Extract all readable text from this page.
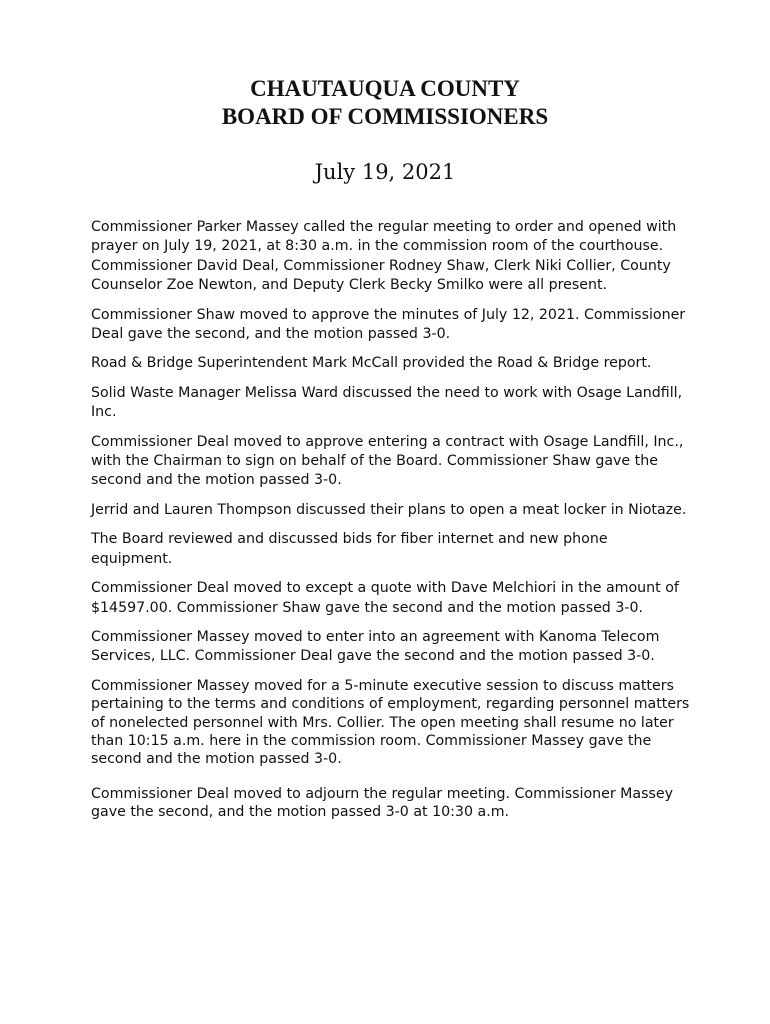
CHAUTAUQUA COUNTY
BOARD OF COMMISSIONERS
July 19, 2021

Commissioner Parker Massey called the regular meeting to order and opened with prayer on July 19, 2021, at 8:30 a.m. in the commission room of the courthouse. Commissioner David Deal, Commissioner Rodney Shaw, Clerk Niki Collier, County Counselor Zoe Newton, and Deputy Clerk Becky Smilko were all present.

Commissioner Shaw moved to approve the minutes of July 12, 2021. Commissioner Deal gave the second, and the motion passed 3-0.

Road & Bridge Superintendent Mark McCall provided the Road & Bridge report.

Solid Waste Manager Melissa Ward discussed the need to work with Osage Landfill, Inc.

Commissioner Deal moved to approve entering a contract with Osage Landfill, Inc., with the Chairman to sign on behalf of the Board. Commissioner Shaw gave the second and the motion passed 3-0.

Jerrid and Lauren Thompson discussed their plans to open a meat locker in Niotaze.

The Board reviewed and discussed bids for fiber internet and new phone equipment.

Commissioner Deal moved to except a quote with Dave Melchiori in the amount of $14597.00. Commissioner Shaw gave the second and the motion passed 3-0.

Commissioner Massey moved to enter into an agreement with Kanoma Telecom Services, LLC. Commissioner Deal gave the second and the motion passed 3-0.

Commissioner Massey moved for a 5-minute executive session to discuss matters pertaining to the terms and conditions of employment, regarding personnel matters of nonelected personnel with Mrs. Collier. The open meeting shall resume no later than 10:15 a.m. here in the commission room. Commissioner Massey gave the second and the motion passed 3-0.

Commissioner Deal moved to adjourn the regular meeting. Commissioner Massey gave the second, and the motion passed 3-0 at 10:30 a.m.
